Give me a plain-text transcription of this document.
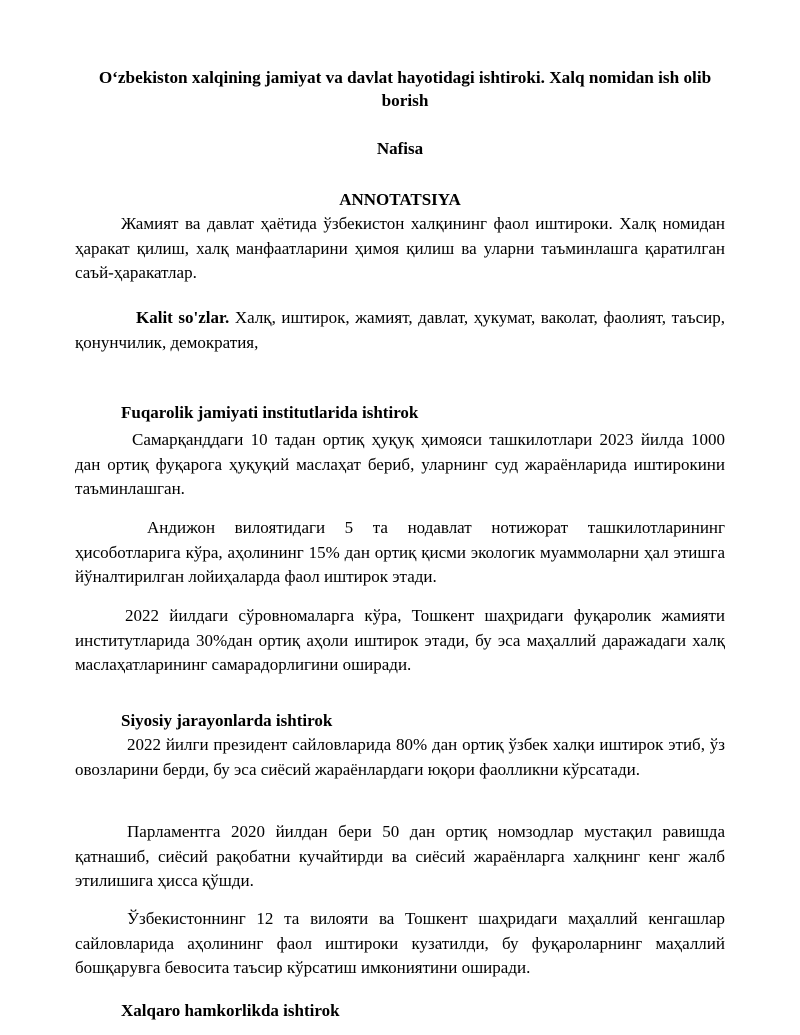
Oʻzbekiston xalqining jamiyat va davlat hayotidagi ishtiroki. Xalq nomidan ish olib borish
Nafisa
ANNOTATSIYA
Жамият ва давлат ҳаётида ўзбекистон халқининг фаол иштироки. Халқ номидан ҳаракат қилиш, халқ манфаатларини ҳимоя қилиш ва уларни таъминлашга қаратилган саъй-ҳаракатлар.
Kalit so'zlar. Халқ, иштирок, жамият, давлат, ҳукумат, ваколат, фаолият, таъсир, қонунчилик, демократия,
Fuqarolik jamiyati institutlarida ishtirok
Самарқанддаги 10 тадан ортиқ ҳуқуқ ҳимояси ташкилотлари 2023 йилда 1000 дан ортиқ фуқарога ҳуқуқий маслаҳат бериб, уларнинг суд жараёнларида иштирокини таъминлашган.
Андижон вилоятидаги 5 та нодавлат нотижорат ташкилотларининг ҳисоботларига кўра, аҳолининг 15% дан ортиқ қисми экологик муаммоларни ҳал этишга йўналтирилган лойиҳаларда фаол иштирок этади.
2022 йилдаги сўровномаларга кўра, Тошкент шаҳридаги фуқаролик жамияти институтларида 30%дан ортиқ аҳоли иштирок этади, бу эса маҳаллий даражадаги халқ маслаҳатларининг самарадорлигини оширади.
Siyosiy jarayonlarda ishtirok
2022 йилги президент сайловларида 80% дан ортиқ ўзбек халқи иштирок этиб, ўз овозларини берди, бу эса сиёсий жараёнлардаги юқори фаолликни кўрсатади.
Парламентга 2020 йилдан бери 50 дан ортиқ номзодлар мустақил равишда қатнашиб, сиёсий рақобатни кучайтирди ва сиёсий жараёнларга халқнинг кенг жалб этилишига ҳисса қўшди.
Ўзбекистоннинг 12 та вилояти ва Тошкент шаҳридаги маҳаллий кенгашлар сайловларида аҳолининг фаол иштироки кузатилди, бу фуқароларнинг маҳаллий бошқарувга бевосита таъсир кўрсатиш имкониятини оширади.
Xalqaro hamkorlikda ishtirok
